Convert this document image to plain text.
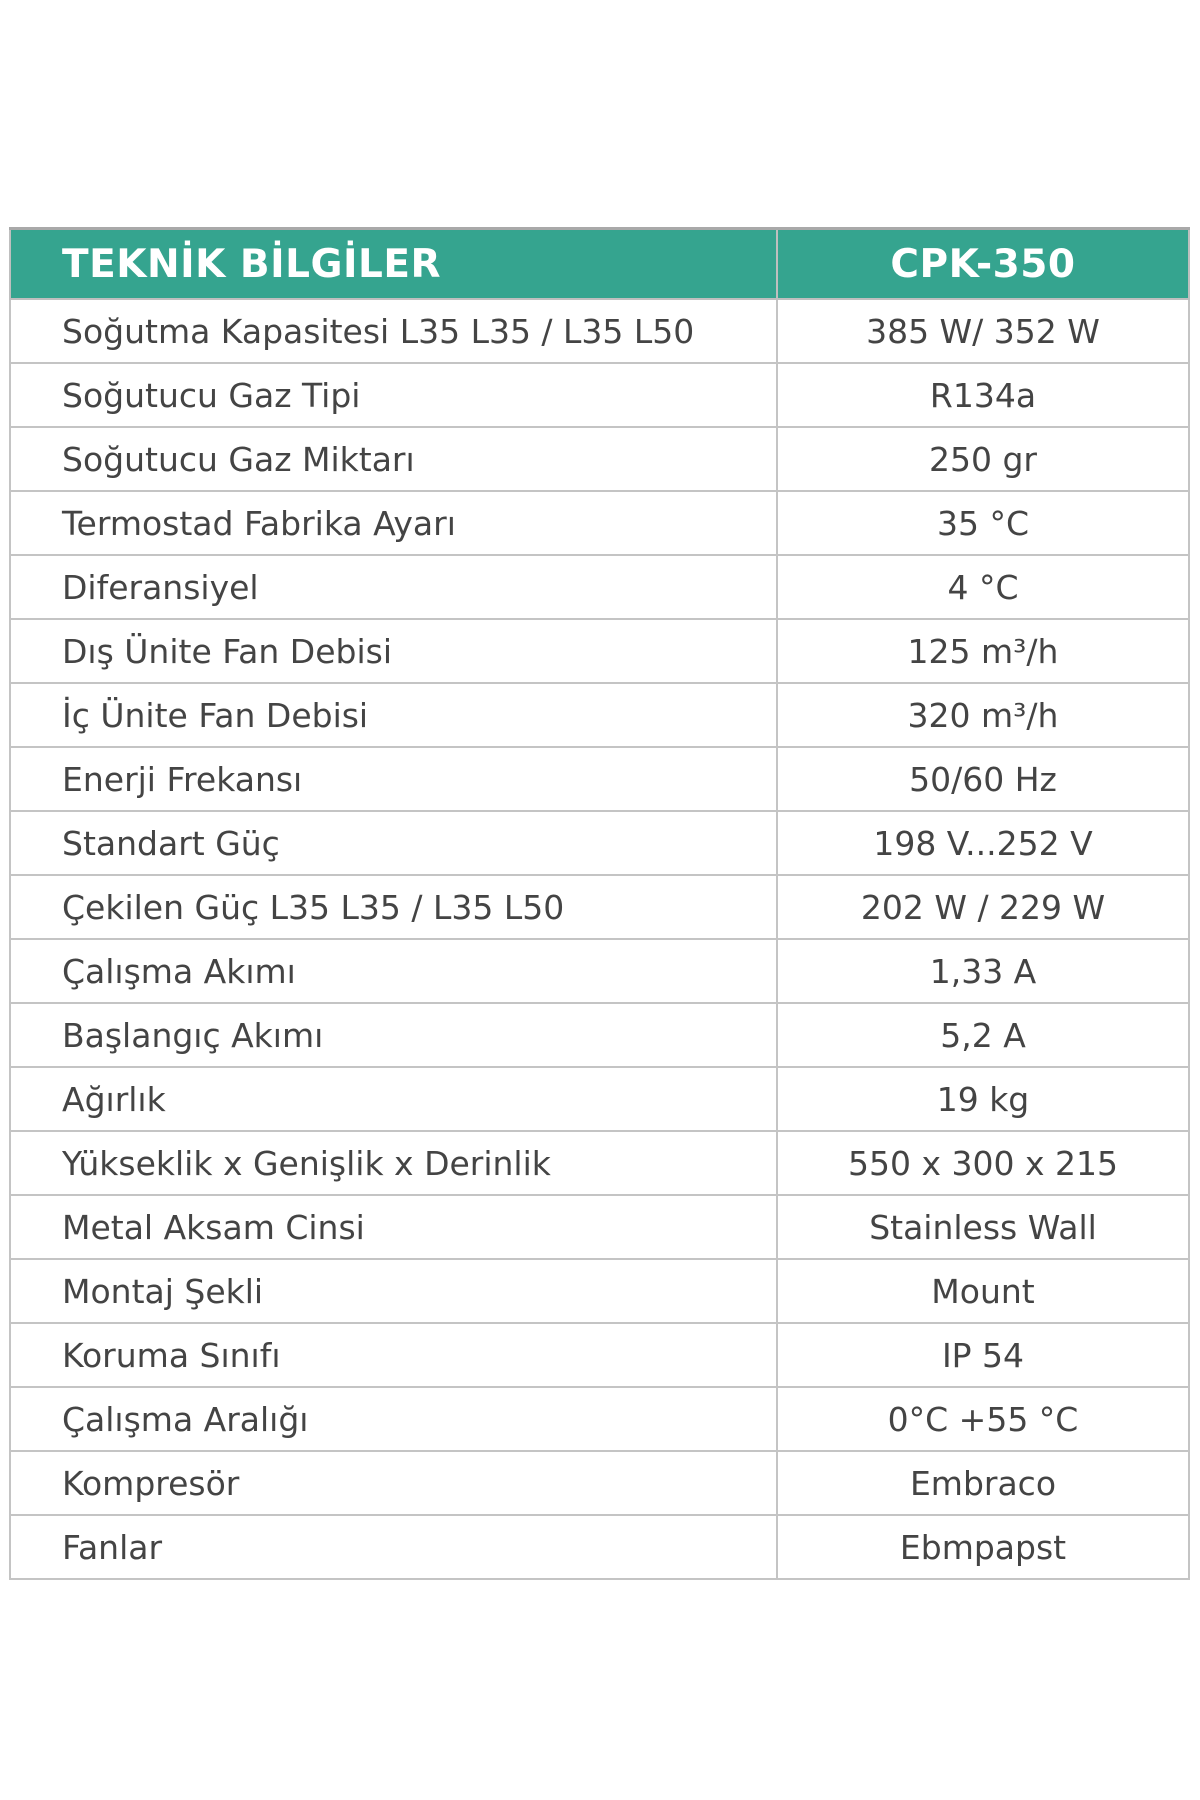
TEKNİK BİLGİLER	CPK-350
Soğutma Kapasitesi L35 L35 / L35 L50	385 W/ 352 W
Soğutucu Gaz Tipi	R134a
Soğutucu Gaz Miktarı	250 gr
Termostad Fabrika Ayarı	35 °C
Diferansiyel	4 °C
Dış Ünite Fan Debisi	125 m³/h
İç Ünite Fan Debisi	320 m³/h
Enerji Frekansı	50/60 Hz
Standart Güç	198 V...252 V
Çekilen Güç L35 L35 / L35 L50	202 W / 229 W
Çalışma Akımı	1,33 A
Başlangıç Akımı	5,2 A
Ağırlık	19 kg
Yükseklik x Genişlik x Derinlik	550 x 300 x 215
Metal Aksam Cinsi	Stainless Wall
Montaj Şekli	Mount
Koruma Sınıfı	IP 54
Çalışma Aralığı	0°C +55 °C
Kompresör	Embraco
Fanlar	Ebmpapst
